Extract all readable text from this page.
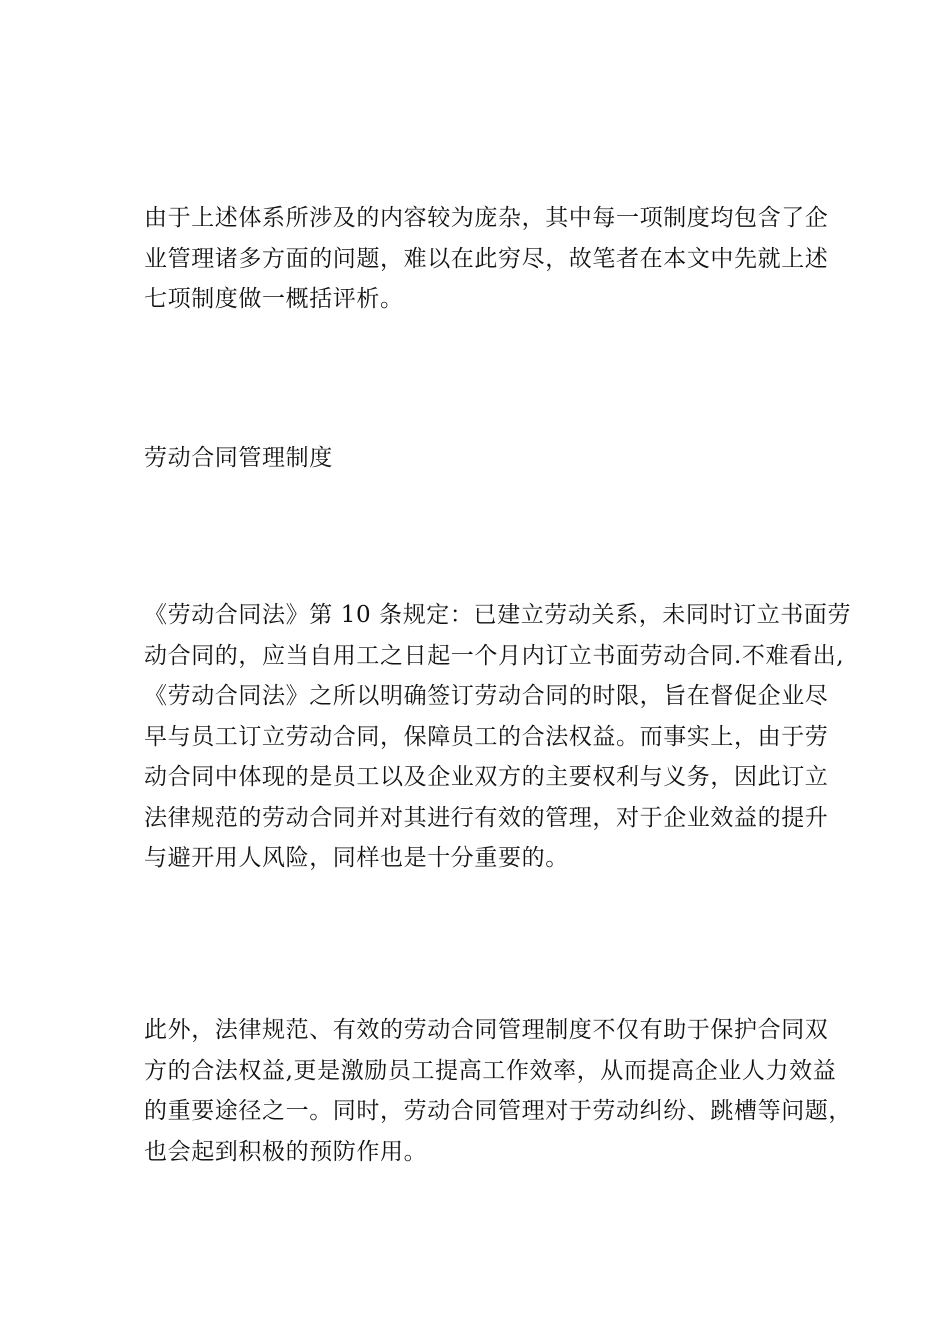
由于上述体系所涉及的内容较为庞杂，其中每一项制度均包含了企
业管理诸多方面的问题，难以在此穷尽，故笔者在本文中先就上述
七项制度做一概括评析。

劳动合同管理制度

《劳动合同法》第 10 条规定：已建立劳动关系，未同时订立书面劳
动合同的，应当自用工之日起一个月内订立书面劳动合同.不难看出,
《劳动合同法》之所以明确签订劳动合同的时限，旨在督促企业尽
早与员工订立劳动合同，保障员工的合法权益。而事实上，由于劳
动合同中体现的是员工以及企业双方的主要权利与义务，因此订立
法律规范的劳动合同并对其进行有效的管理，对于企业效益的提升
与避开用人风险，同样也是十分重要的。

此外，法律规范、有效的劳动合同管理制度不仅有助于保护合同双
方的合法权益,更是激励员工提高工作效率，从而提高企业人力效益
的重要途径之一。同时，劳动合同管理对于劳动纠纷、跳槽等问题，
也会起到积极的预防作用。
